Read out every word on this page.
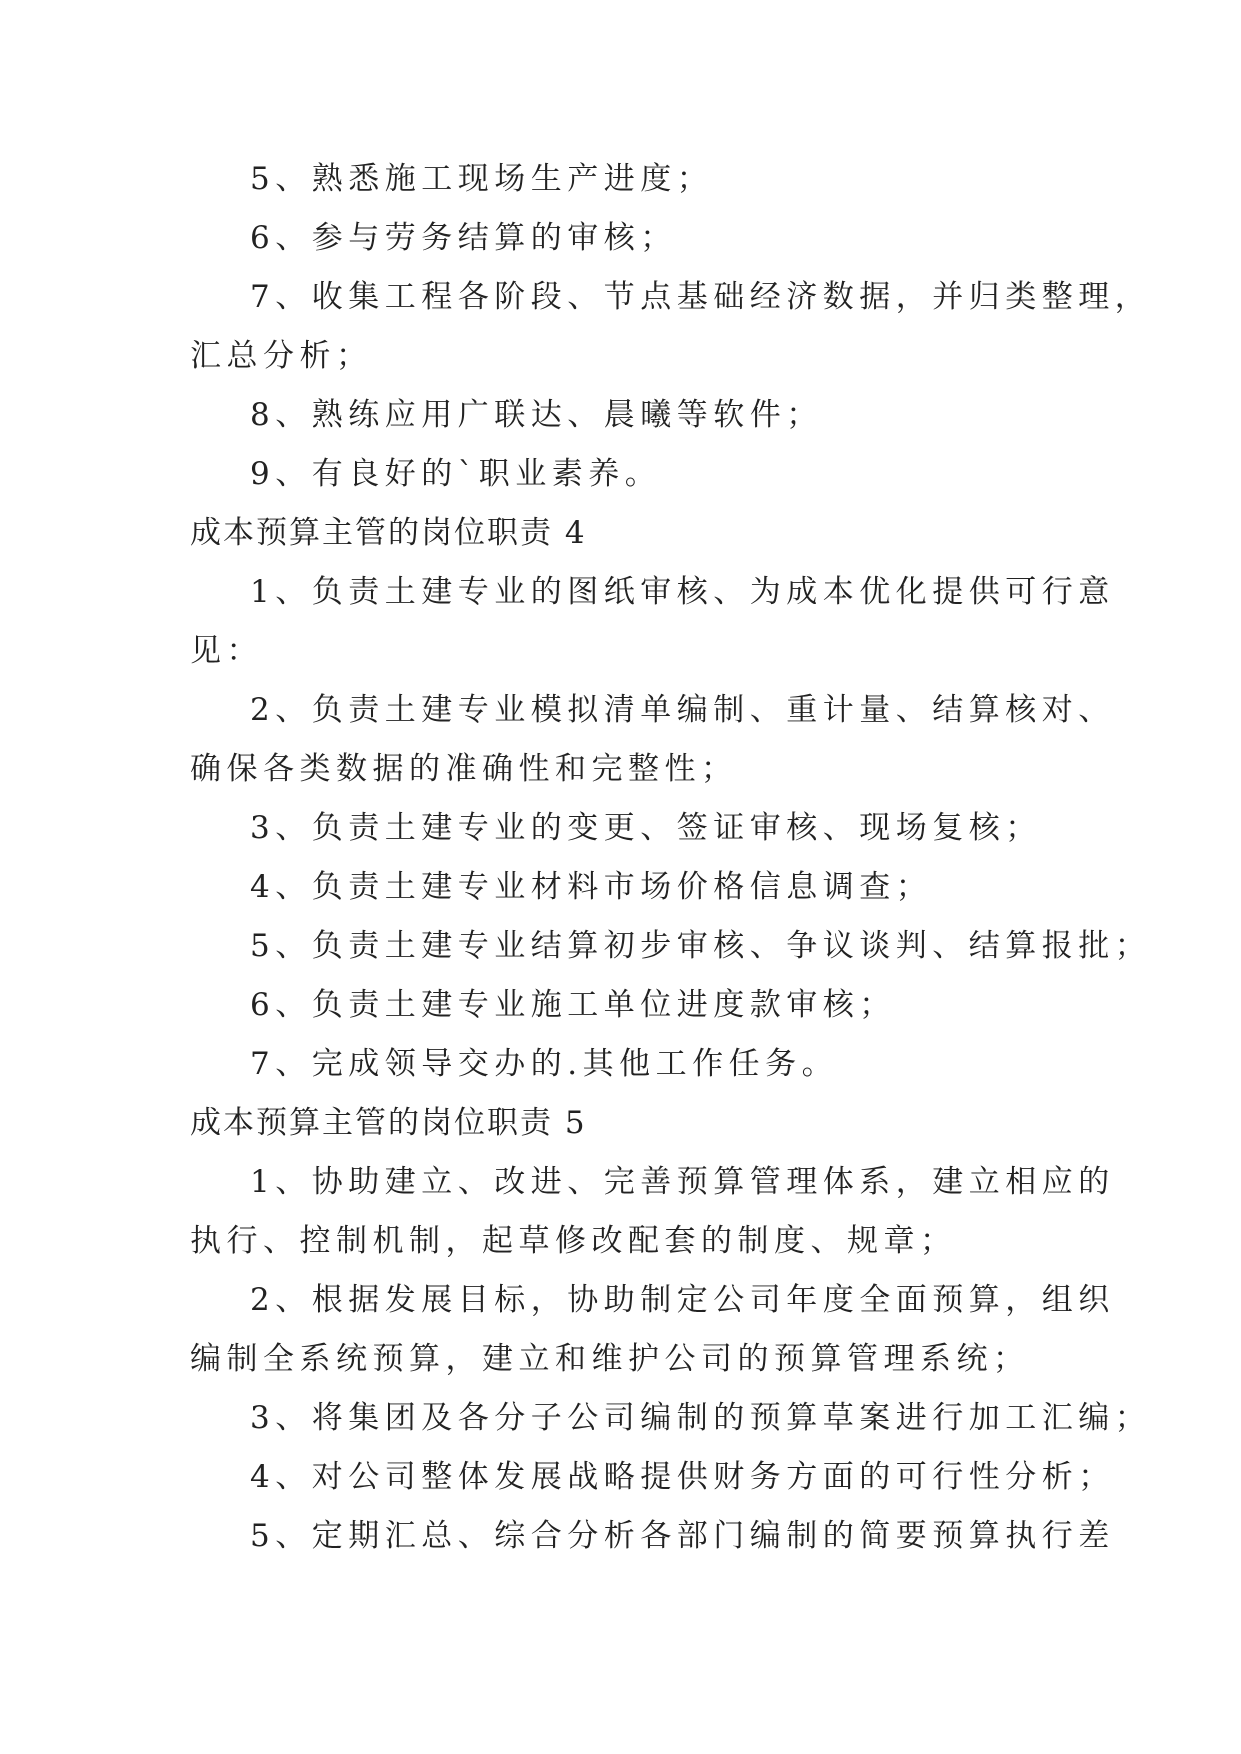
5、熟悉施工现场生产进度；
6、参与劳务结算的审核；
7、收集工程各阶段、节点基础经济数据，并归类整理，
汇总分析；
8、熟练应用广联达、晨曦等软件；
9、有良好的`职业素养。
成本预算主管的岗位职责 4
1、负责土建专业的图纸审核、为成本优化提供可行意
见：
2、负责土建专业模拟清单编制、重计量、结算核对、
确保各类数据的准确性和完整性；
3、负责土建专业的变更、签证审核、现场复核；
4、负责土建专业材料市场价格信息调查；
5、负责土建专业结算初步审核、争议谈判、结算报批；
6、负责土建专业施工单位进度款审核；
7、完成领导交办的.其他工作任务。
成本预算主管的岗位职责 5
1、协助建立、改进、完善预算管理体系，建立相应的
执行、控制机制，起草修改配套的制度、规章；
2、根据发展目标，协助制定公司年度全面预算，组织
编制全系统预算，建立和维护公司的预算管理系统；
3、将集团及各分子公司编制的预算草案进行加工汇编；
4、对公司整体发展战略提供财务方面的可行性分析；
5、定期汇总、综合分析各部门编制的简要预算执行差
